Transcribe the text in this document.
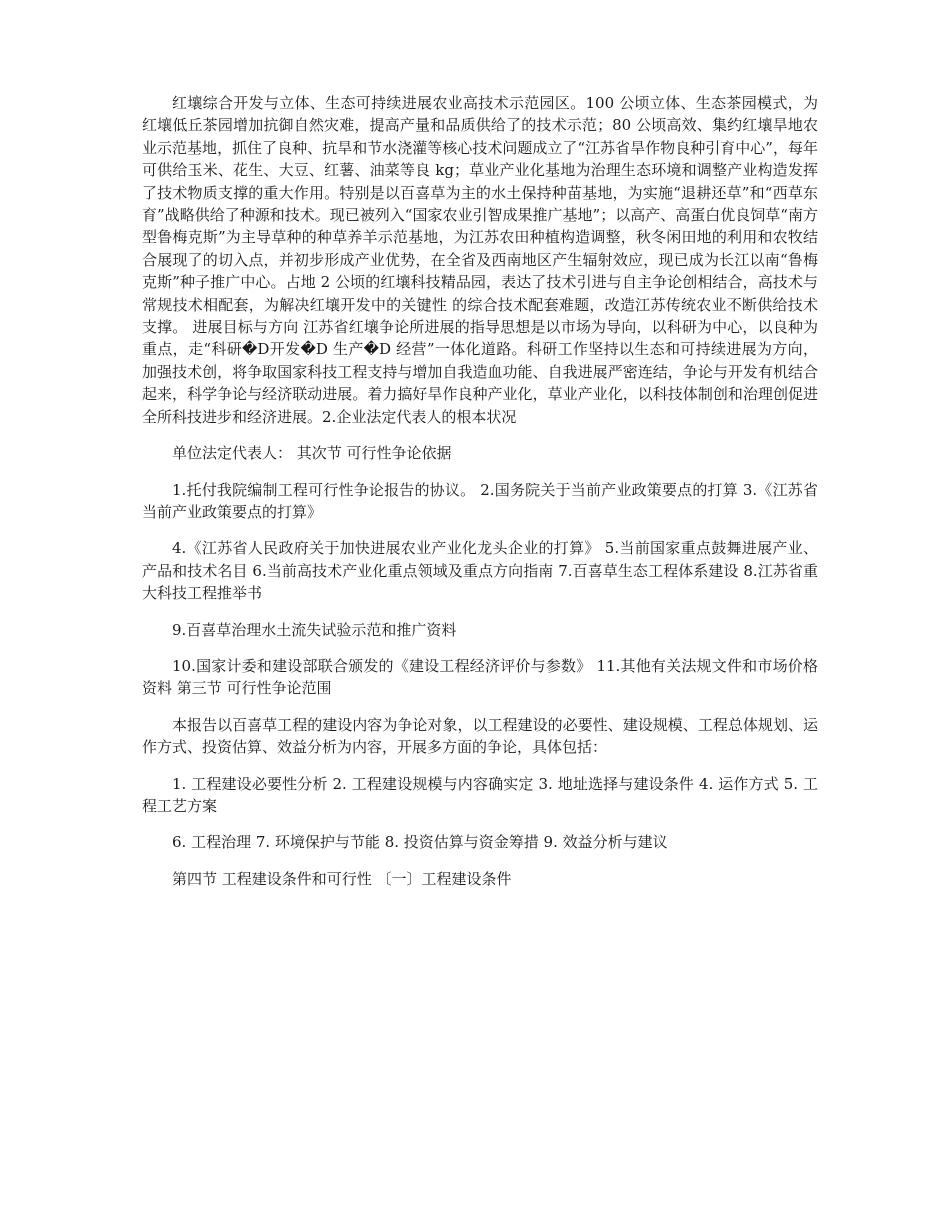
红壤综合开发与立体、生态可持续进展农业高技术示范园区。100 公顷立体、生态茶园模式，为红壤低丘茶园增加抗御自然灾难，提高产量和品质供给了的技术示范；80 公顷高效、集约红壤旱地农业示范基地，抓住了良种、抗旱和节水浇灌等核心技术问题成立了“江苏省旱作物良种引育中心”，每年可供给玉米、花生、大豆、红薯、油菜等良 kg；草业产业化基地为治理生态环境和调整产业构造发挥了技术物质支撑的重大作用。特别是以百喜草为主的水土保持种苗基地，为实施“退耕还草”和“西草东育”战略供给了种源和技术。现已被列入“国家农业引智成果推广基地”；以高产、高蛋白优良饲草“南方型鲁梅克斯”为主导草种的种草养羊示范基地，为江苏农田种植构造调整，秋冬闲田地的利用和农牧结合展现了的切入点，并初步形成产业优势，在全省及西南地区产生辐射效应，现已成为长江以南“鲁梅克斯”种子推广中心。占地 2 公顷的红壤科技精品园，表达了技术引进与自主争论创相结合，高技术与常规技术相配套，为解决红壤开发中的关键性 的综合技术配套难题，改造江苏传统农业不断供给技术支撑。 进展目标与方向 江苏省红壤争论所进展的指导思想是以市场为导向，以科研为中心，以良种为重点，走“科研�D开发�D 生产�D 经营”一体化道路。科研工作坚持以生态和可持续进展为方向，加强技术创，将争取国家科技工程支持与增加自我造血功能、自我进展严密连结，争论与开发有机结合起来，科学争论与经济联动进展。着力搞好旱作良种产业化，草业产业化，以科技体制创和治理创促进全所科技进步和经济进展。2.企业法定代表人的根本状况

单位法定代表人： 其次节 可行性争论依据

1.托付我院编制工程可行性争论报告的协议。 2.国务院关于当前产业政策要点的打算 3.《江苏省当前产业政策要点的打算》

4.《江苏省人民政府关于加快进展农业产业化龙头企业的打算》 5.当前国家重点鼓舞进展产业、产品和技术名目 6.当前高技术产业化重点领域及重点方向指南 7.百喜草生态工程体系建设 8.江苏省重大科技工程推举书

9.百喜草治理水土流失试验示范和推广资料

10.国家计委和建设部联合颁发的《建设工程经济评价与参数》 11.其他有关法规文件和市场价格资料 第三节 可行性争论范围

本报告以百喜草工程的建设内容为争论对象，以工程建设的必要性、建设规模、工程总体规划、运作方式、投资估算、效益分析为内容，开展多方面的争论，具体包括：

1. 工程建设必要性分析 2. 工程建设规模与内容确实定 3. 地址选择与建设条件 4. 运作方式 5. 工程工艺方案

6. 工程治理 7. 环境保护与节能 8. 投资估算与资金筹措 9. 效益分析与建议

第四节 工程建设条件和可行性 〔一〕工程建设条件
